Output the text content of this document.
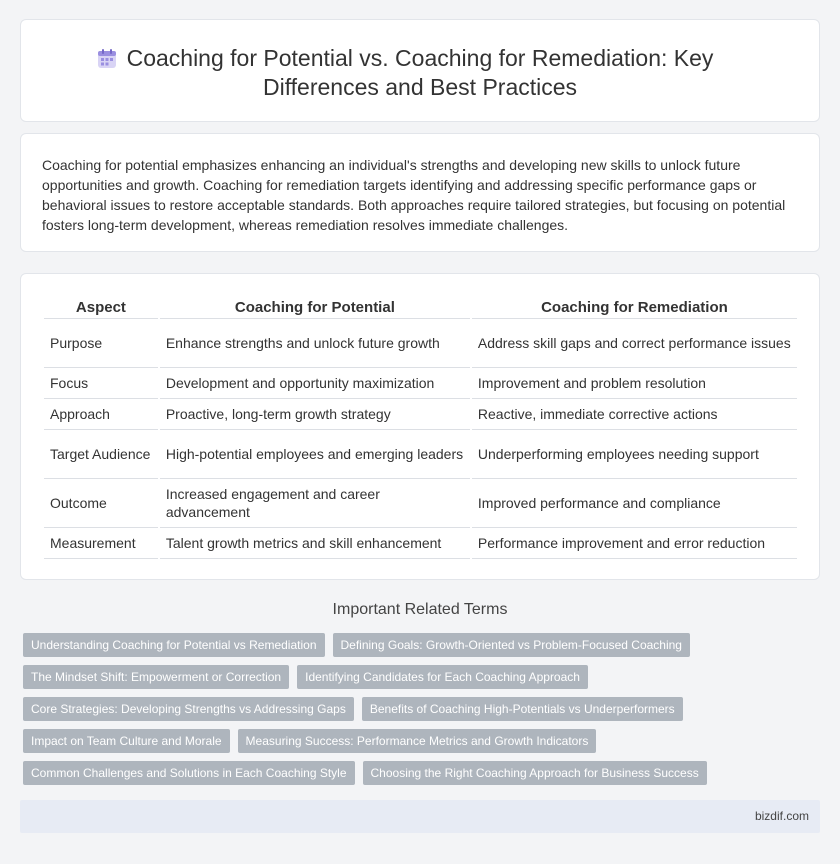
Coaching for Potential vs. Coaching for Remediation: Key Differences and Best Practices

Coaching for potential emphasizes enhancing an individual's strengths and developing new skills to unlock future opportunities and growth. Coaching for remediation targets identifying and addressing specific performance gaps or behavioral issues to restore acceptable standards. Both approaches require tailored strategies, but focusing on potential fosters long-term development, whereas remediation resolves immediate challenges.

Aspect	Coaching for Potential	Coaching for Remediation
Purpose	Enhance strengths and unlock future growth	Address skill gaps and correct performance issues
Focus	Development and opportunity maximization	Improvement and problem resolution
Approach	Proactive, long-term growth strategy	Reactive, immediate corrective actions
Target Audience	High-potential employees and emerging leaders	Underperforming employees needing support
Outcome	Increased engagement and career advancement	Improved performance and compliance
Measurement	Talent growth metrics and skill enhancement	Performance improvement and error reduction
Important Related Terms
Understanding Coaching for Potential vs Remediation	Defining Goals: Growth-Oriented vs Problem-Focused Coaching
The Mindset Shift: Empowerment or Correction	Identifying Candidates for Each Coaching Approach
Core Strategies: Developing Strengths vs Addressing Gaps	Benefits of Coaching High-Potentials vs Underperformers
Impact on Team Culture and Morale	Measuring Success: Performance Metrics and Growth Indicators
Common Challenges and Solutions in Each Coaching Style	Choosing the Right Coaching Approach for Business Success
bizdif.com
